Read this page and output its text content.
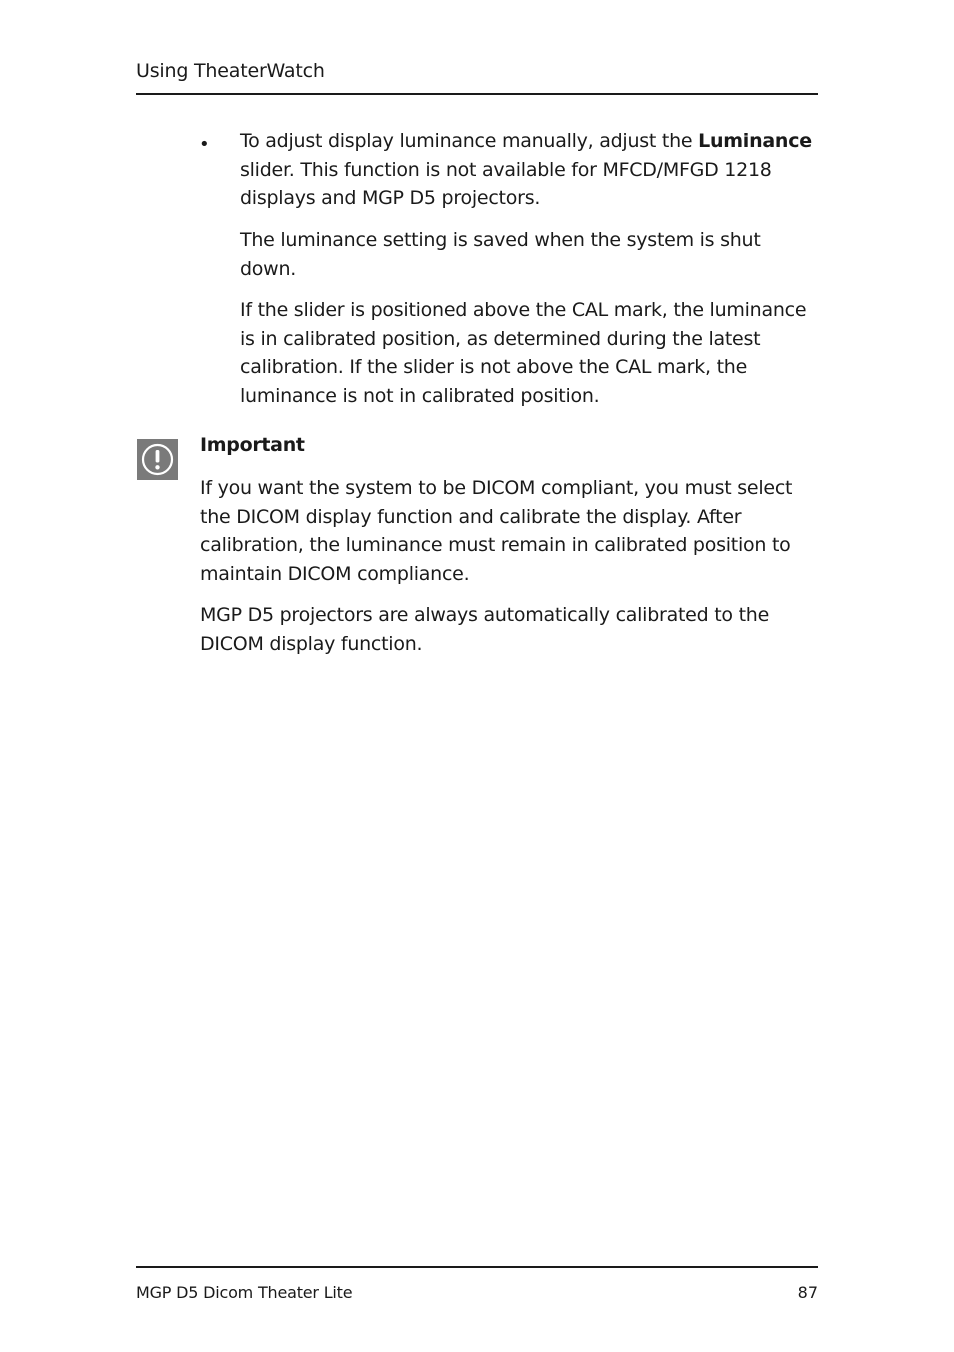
Using TheaterWatch
• To adjust display luminance manually, adjust the Luminance slider. This function is not available for MFCD/MFGD 1218 displays and MGP D5 projectors.
The luminance setting is saved when the system is shut down.
If the slider is positioned above the CAL mark, the luminance is in calibrated position, as determined during the latest calibration. If the slider is not above the CAL mark, the luminance is not in calibrated position.
Important
If you want the system to be DICOM compliant, you must select the DICOM display function and calibrate the display. After calibration, the luminance must remain in calibrated position to maintain DICOM compliance.
MGP D5 projectors are always automatically calibrated to the DICOM display function.
MGP D5 Dicom Theater Lite	87
